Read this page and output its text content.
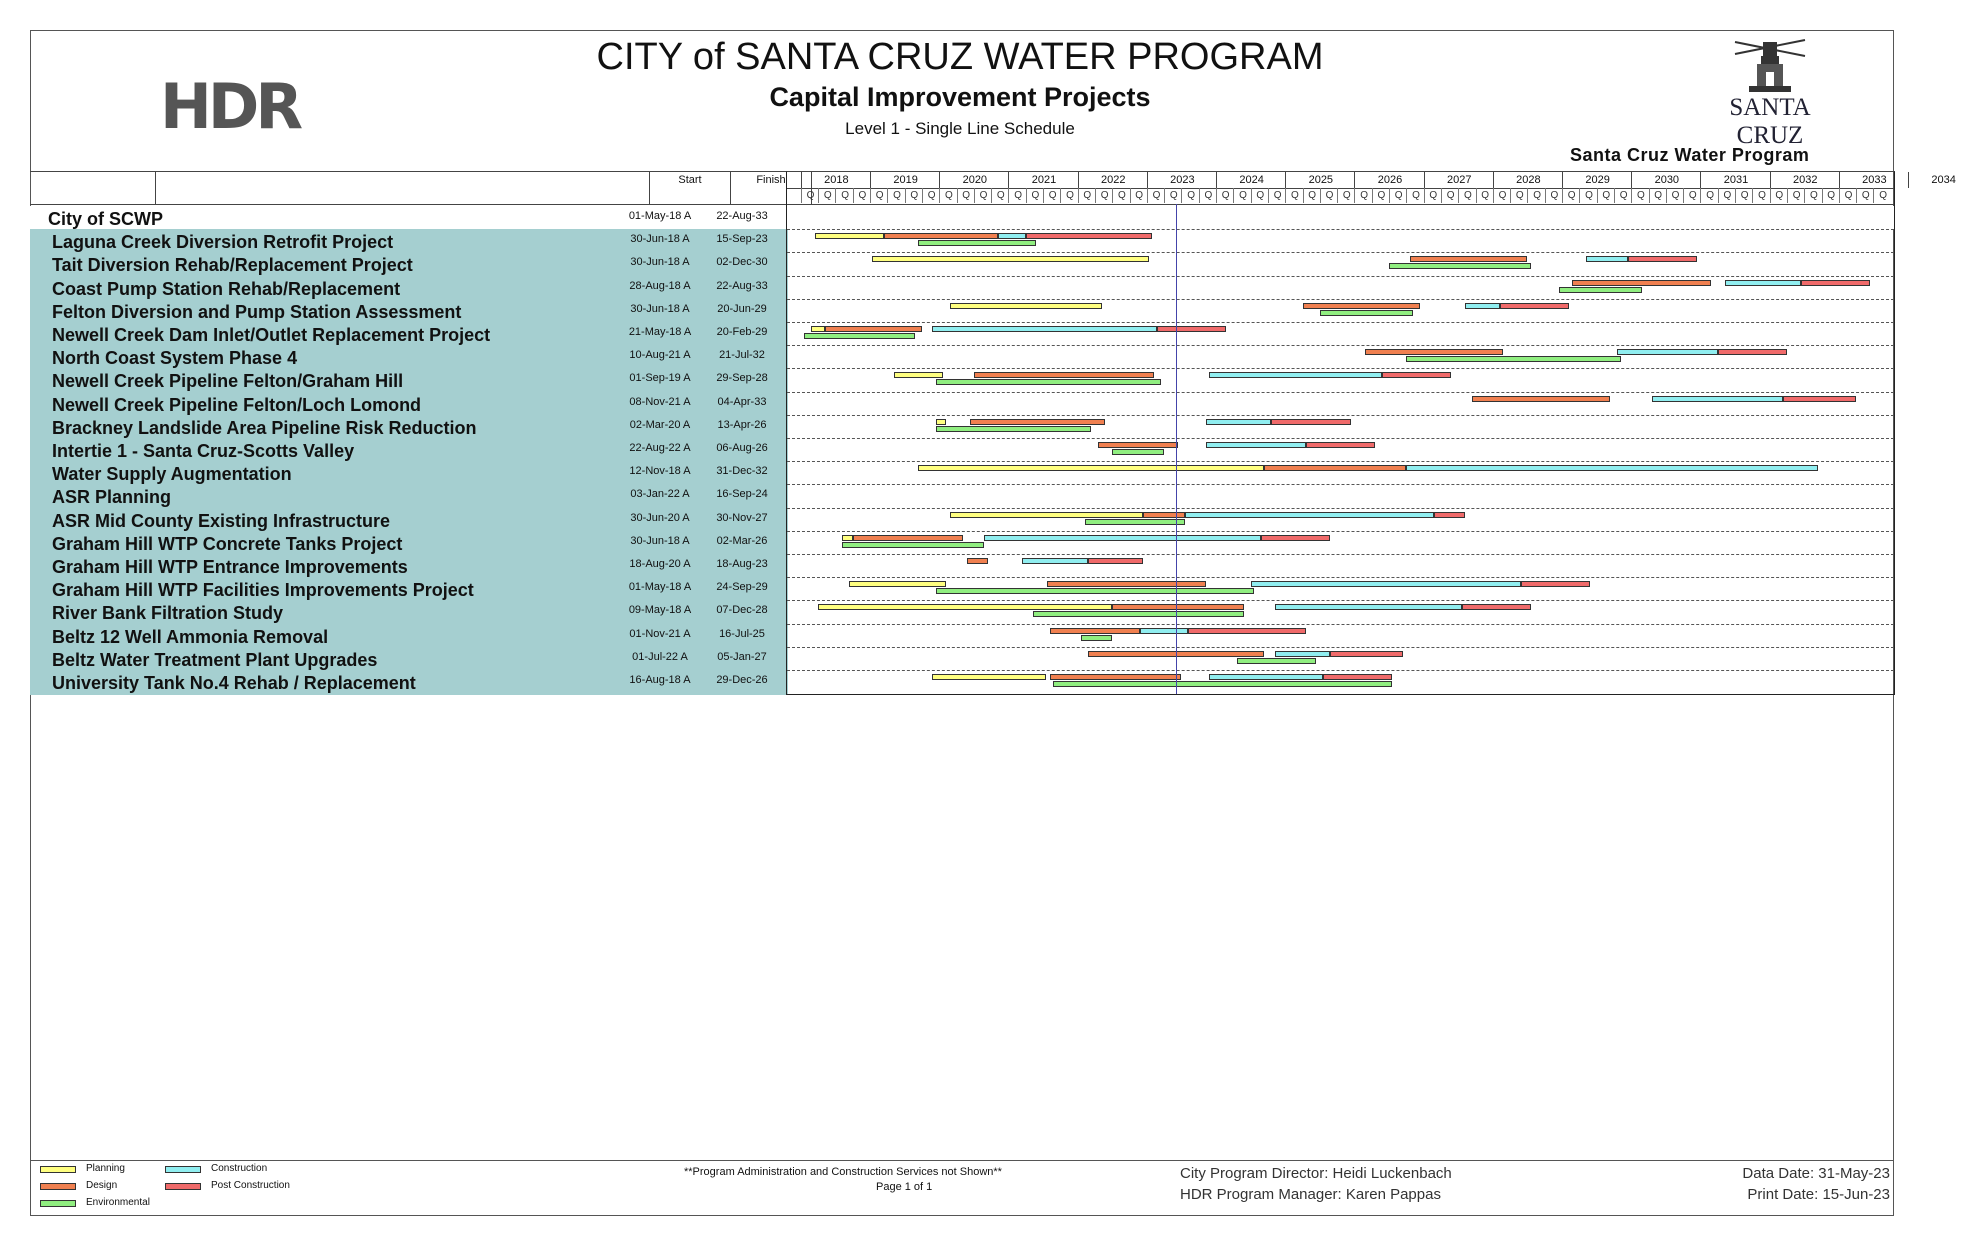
HDR
CITY of SANTA CRUZ WATER PROGRAM
Capital Improvement Projects
Level 1 - Single Line Schedule
SANTA CRUZ
Santa Cruz Water Program
Start	Finish
City of SCWP	01-May-18 A	22-Aug-33
Laguna Creek Diversion Retrofit Project	30-Jun-18 A	15-Sep-23
Tait Diversion Rehab/Replacement Project	30-Jun-18 A	02-Dec-30
Coast Pump Station Rehab/Replacement	28-Aug-18 A	22-Aug-33
Felton Diversion and Pump Station Assessment	30-Jun-18 A	20-Jun-29
Newell Creek Dam Inlet/Outlet Replacement Project	21-May-18 A	20-Feb-29
North Coast System Phase 4	10-Aug-21 A	21-Jul-32
Newell Creek Pipeline Felton/Graham Hill	01-Sep-19 A	29-Sep-28
Newell Creek Pipeline Felton/Loch Lomond	08-Nov-21 A	04-Apr-33
Brackney Landslide Area Pipeline Risk Reduction	02-Mar-20 A	13-Apr-26
Intertie 1 - Santa Cruz-Scotts Valley	22-Aug-22 A	06-Aug-26
Water Supply Augmentation	12-Nov-18 A	31-Dec-32
ASR Planning	03-Jan-22 A	16-Sep-24
ASR Mid County Existing Infrastructure	30-Jun-20 A	30-Nov-27
Graham Hill WTP Concrete Tanks Project	30-Jun-18 A	02-Mar-26
Graham Hill WTP Entrance Improvements	18-Aug-20 A	18-Aug-23
Graham Hill WTP Facilities Improvements Project	01-May-18 A	24-Sep-29
River Bank Filtration Study	09-May-18 A	07-Dec-28
Beltz 12 Well Ammonia Removal	01-Nov-21 A	16-Jul-25
Beltz Water Treatment Plant Upgrades	01-Jul-22 A	05-Jan-27
University Tank No.4 Rehab / Replacement	16-Aug-18 A	29-Dec-26
2018	2019	2020	2021	2022	2023	2024	2025	2026	2027	2028	2029	2030	2031	2032	2033	2034
Q Q Q Q Q Q Q Q Q Q Q Q Q Q Q Q Q Q Q Q Q Q Q Q Q Q Q Q Q Q Q Q Q Q Q Q Q Q Q Q Q Q Q Q Q Q Q Q Q Q Q Q Q Q Q Q Q Q Q Q Q Q Q
Planning
Design
Environmental
Construction
Post Construction
**Program Administration and Construction Services not Shown**
Page 1 of 1
City Program Director: Heidi Luckenbach
HDR Program Manager: Karen Pappas
Data Date: 31-May-23
Print Date: 15-Jun-23
